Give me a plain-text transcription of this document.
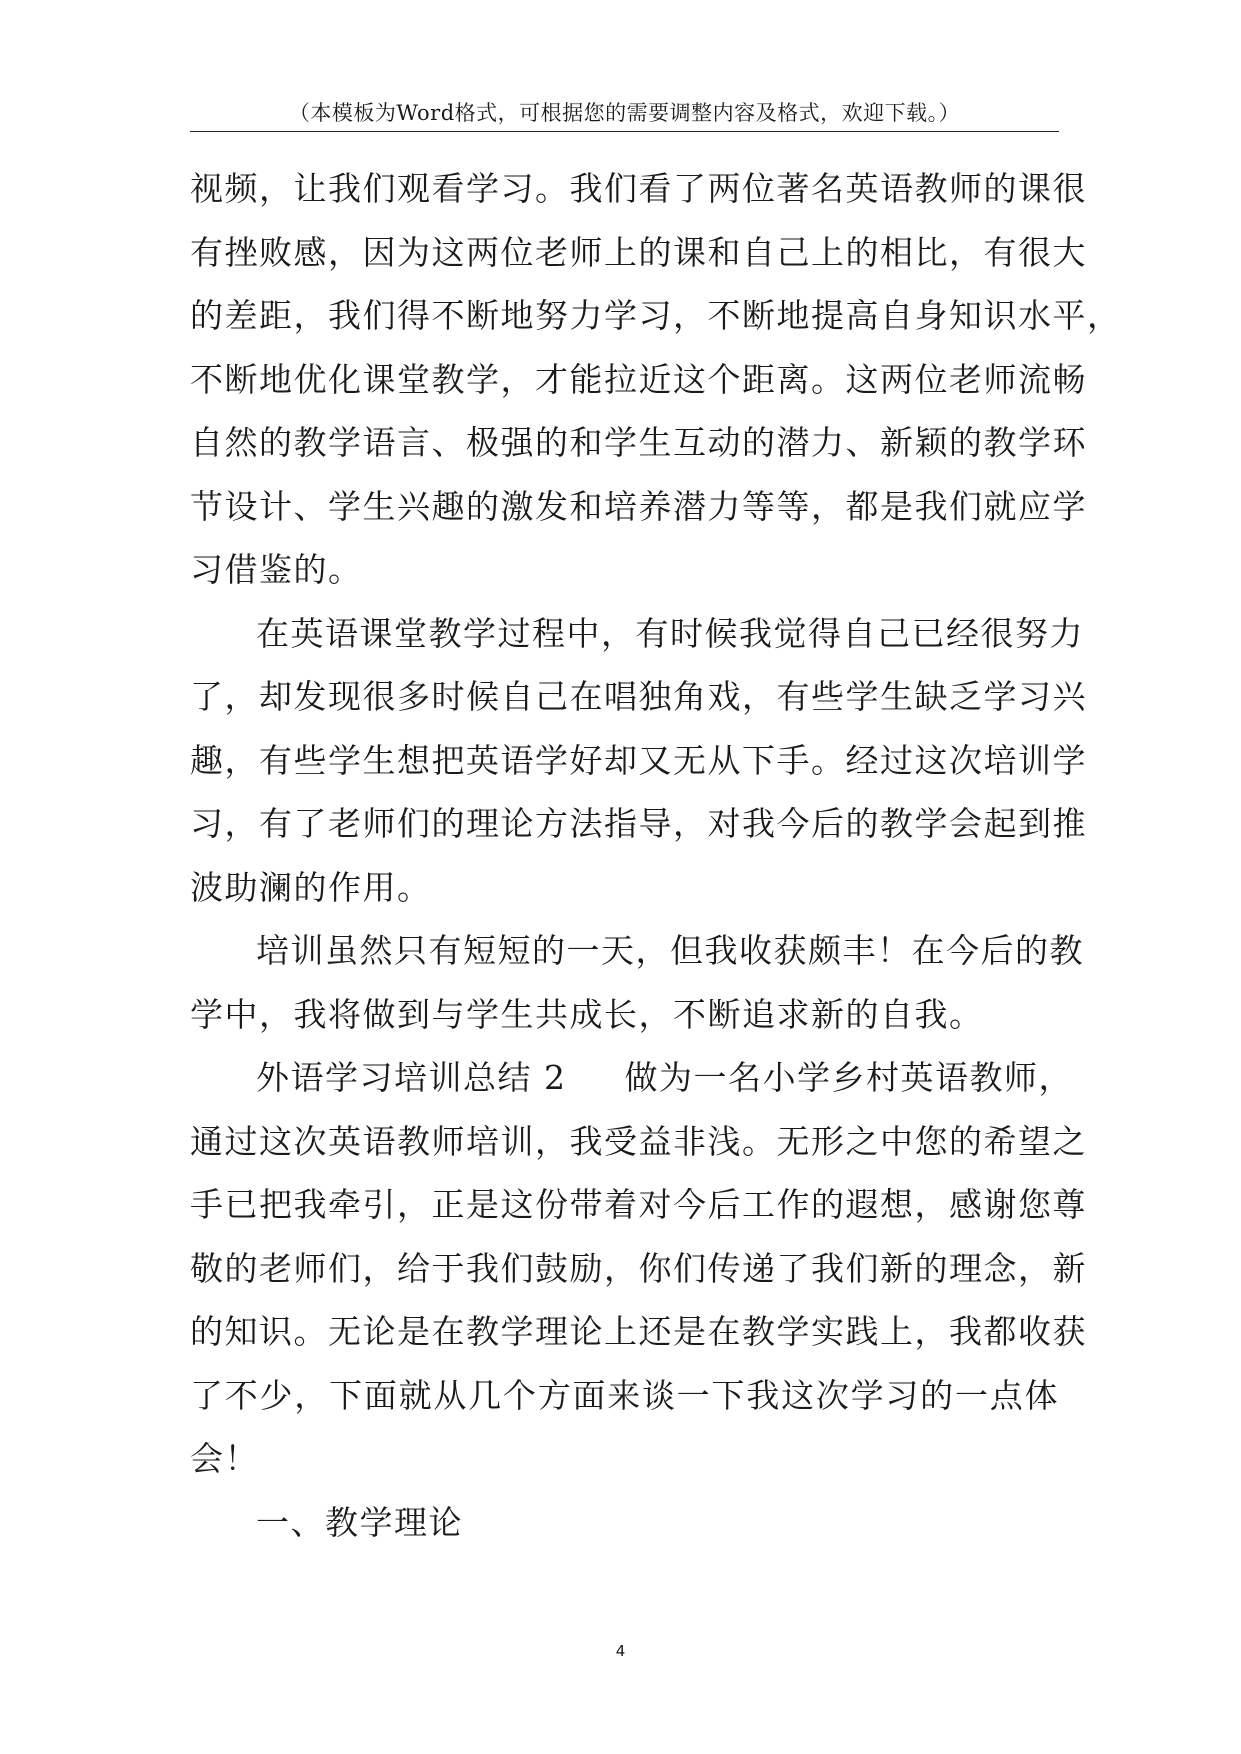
（本模板为Word格式，可根据您的需要调整内容及格式，欢迎下载。）
视频，让我们观看学习。我们看了两位著名英语教师的课很
有挫败感，因为这两位老师上的课和自己上的相比，有很大
的差距，我们得不断地努力学习，不断地提高自身知识水平，
不断地优化课堂教学，才能拉近这个距离。这两位老师流畅
自然的教学语言、极强的和学生互动的潜力、新颖的教学环
节设计、学生兴趣的激发和培养潜力等等，都是我们就应学
习借鉴的。
在英语课堂教学过程中，有时候我觉得自己已经很努力
了，却发现很多时候自己在唱独角戏，有些学生缺乏学习兴
趣，有些学生想把英语学好却又无从下手。经过这次培训学
习，有了老师们的理论方法指导，对我今后的教学会起到推
波助澜的作用。
培训虽然只有短短的一天，但我收获颇丰！在今后的教
学中，我将做到与学生共成长，不断追求新的自我。
外语学习培训总结 2 做为一名小学乡村英语教师，
通过这次英语教师培训，我受益非浅。无形之中您的希望之
手已把我牵引，正是这份带着对今后工作的遐想，感谢您尊
敬的老师们，给于我们鼓励，你们传递了我们新的理念，新
的知识。无论是在教学理论上还是在教学实践上，我都收获
了不少，下面就从几个方面来谈一下我这次学习的一点体
会！
一、教学理论
4
